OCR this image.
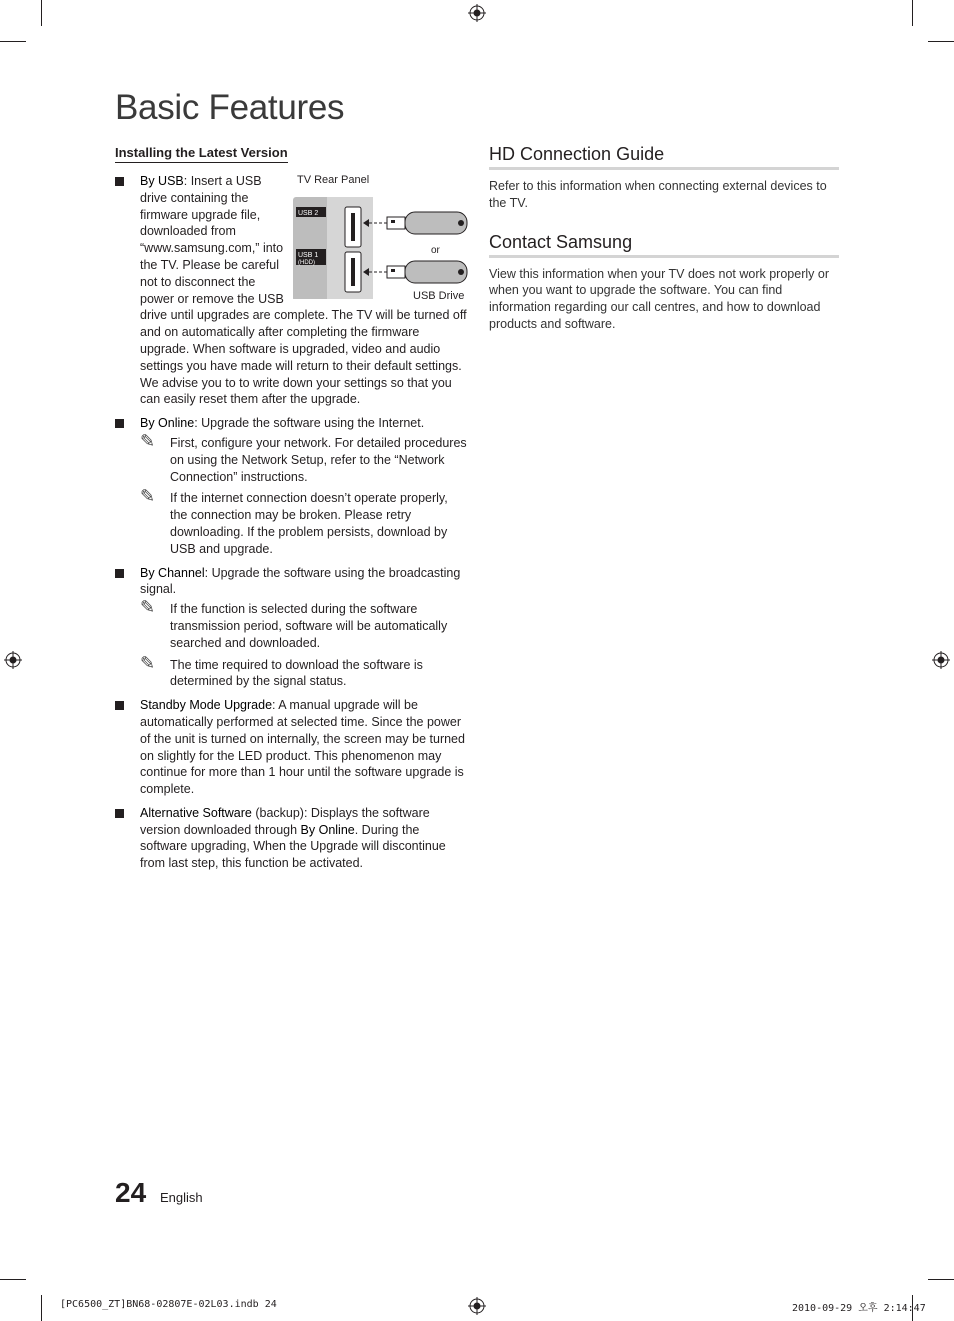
Basic Features
Installing the Latest Version
TV Rear Panel
USB 2
USB 1
(HDD)
or
USB Drive
By USB: Insert a USB drive containing the firmware upgrade file, downloaded from “www.samsung.com,” into the TV. Please be careful not to disconnect the power or remove the USB drive until upgrades are complete. The TV will be turned off and on automatically after completing the firmware upgrade. When software is upgraded, video and audio settings you have made will return to their default settings. We advise you to to write down your settings so that you can easily reset them after the upgrade.
By Online: Upgrade the software using the Internet.
✎ First, configure your network. For detailed procedures on using the Network Setup, refer to the “Network Connection” instructions.
✎ If the internet connection doesn’t operate properly, the connection may be broken. Please retry downloading. If the problem persists, download by USB and upgrade.
By Channel: Upgrade the software using the broadcasting signal.
✎ If the function is selected during the software transmission period, software will be automatically searched and downloaded.
✎ The time required to download the software is determined by the signal status.
Standby Mode Upgrade: A manual upgrade will be automatically performed at selected time. Since the power of the unit is turned on internally, the screen may be turned on slightly for the LED product. This phenomenon may continue for more than 1 hour until the software upgrade is complete.
Alternative Software (backup): Displays the software version downloaded through By Online. During the software upgrading, When the Upgrade will discontinue from last step, this function be activated.
HD Connection Guide

Refer to this information when connecting external devices to the TV.

Contact Samsung

View this information when your TV does not work properly or when you want to upgrade the software. You can find information regarding our call centres, and how to download products and software.

24 English
[PC6500_ZT]BN68-02807E-02L03.indb 24	2010-09-29 오후 2:14:47
